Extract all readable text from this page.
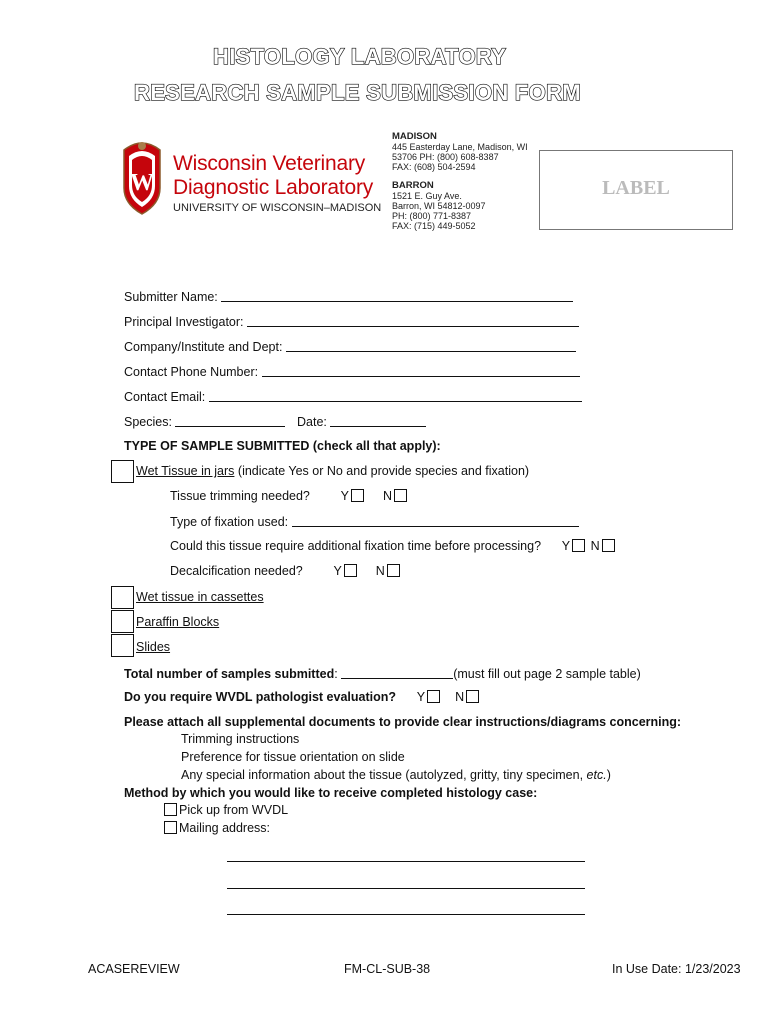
HISTOLOGY LABORATORY
RESEARCH SAMPLE SUBMISSION FORM
W
Wisconsin Veterinary
Diagnostic Laboratory
UNIVERSITY OF WISCONSIN–MADISON
MADISON
445 Easterday Lane, Madison, WI
53706 PH: (800) 608-8387
FAX: (608) 504-2594
BARRON
1521 E. Guy Ave.
Barron, WI 54812-0097
PH: (800) 771-8387
FAX: (715) 449-5052
LABEL
Submitter Name:
Principal Investigator:
Company/Institute and Dept:
Contact Phone Number:
Contact Email:
Species:	Date:
TYPE OF SAMPLE SUBMITTED (check all that apply):
Wet Tissue in jars (indicate Yes or No and provide species and fixation)
Tissue trimming needed? Y	N
Type of fixation used:
Could this tissue require additional fixation time before processing? Y N
Decalcification needed? Y	N
Wet tissue in cassettes
Paraffin Blocks
Slides
Total number of samples submitted:	(must fill out page 2 sample table)
Do you require WVDL pathologist evaluation? Y N
Please attach all supplemental documents to provide clear instructions/diagrams concerning:
Trimming instructions
Preference for tissue orientation on slide
Any special information about the tissue (autolyzed, gritty, tiny specimen, etc.)
Method by which you would like to receive completed histology case:
Pick up from WVDL
Mailing address:
ACASEREVIEW	FM-CL-SUB-38	In Use Date: 1/23/2023
